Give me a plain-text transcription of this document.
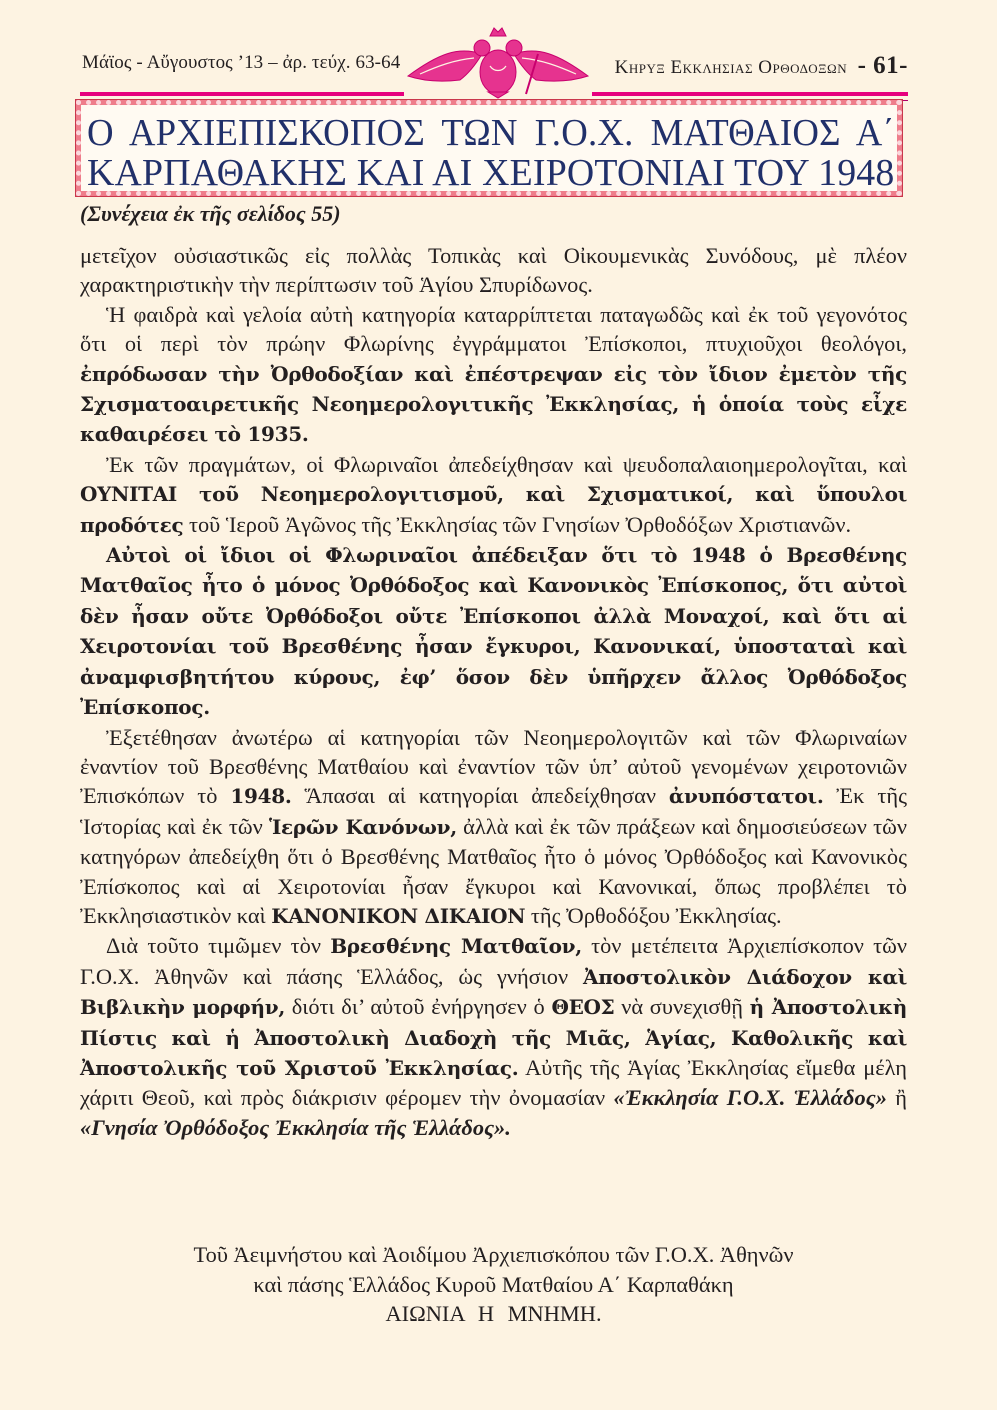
Μάϊος - Αὔγουστος ’13 – ἀρ. τεύχ. 63-64	Κηρυξ Εκκλησιας Ορθοδοξων - 61-
Ο ΑΡΧΙΕΠΙΣΚΟΠΟΣ ΤΩΝ Γ.Ο.Χ. ΜΑΤΘΑΙΟΣ Α΄
ΚΑΡΠΑΘΑΚΗΣ ΚΑΙ ΑΙ ΧΕΙΡΟΤΟΝΙΑΙ ΤΟΥ 1948
(Συνέχεια ἐκ τῆς σελίδος 55)

μετεῖχον οὐσιαστικῶς εἰς πολλὰς Τοπικὰς καὶ Οἰκουμενικὰς Συνόδους, μὲ πλέον χαρακτηριστικὴν τὴν περίπτωσιν τοῦ Ἁγίου Σπυρίδωνος.

Ἡ φαιδρὰ καὶ γελοία αὐτὴ κατηγορία καταρρίπτεται παταγωδῶς καὶ ἐκ τοῦ γεγονότος ὅτι οἱ περὶ τὸν πρώην Φλωρίνης ἐγγράμματοι Ἐπίσκοποι, πτυχιοῦχοι θεολόγοι, ἐπρόδωσαν τὴν Ὀρθοδοξίαν καὶ ἐπέστρεψαν εἰς τὸν ἴδιον ἐμετὸν τῆς Σχισματοαιρετικῆς Νεοημερολογιτικῆς Ἐκκλησίας, ἡ ὁποία τοὺς εἶχε καθαιρέσει τὸ 1935.

Ἐκ τῶν πραγμάτων, οἱ Φλωριναῖοι ἀπεδείχθησαν καὶ ψευδοπαλαιοημερολογῖται, καὶ ΟΥΝΙΤΑΙ τοῦ Νεοημερολογιτισμοῦ, καὶ Σχισματικοί, καὶ ὕπουλοι προδότες τοῦ Ἱεροῦ Ἀγῶνος τῆς Ἐκκλησίας τῶν Γνησίων Ὀρθοδόξων Χριστιανῶν.

Αὐτοὶ οἱ ἴδιοι οἱ Φλωριναῖοι ἀπέδειξαν ὅτι τὸ 1948 ὁ Βρεσθένης Ματθαῖος ἦτο ὁ μόνος Ὀρθόδοξος καὶ Κανονικὸς Ἐπίσκοπος, ὅτι αὐτοὶ δὲν ἦσαν οὔτε Ὀρθόδοξοι οὔτε Ἐπίσκοποι ἀλλὰ Μοναχοί, καὶ ὅτι αἱ Χειροτονίαι τοῦ Βρεσθένης ἦσαν ἔγκυροι, Κανονικαί, ὑποσταταὶ καὶ ἀναμφισβητήτου κύρους, ἐφ’ ὅσον δὲν ὑπῆρχεν ἄλλος Ὀρθόδοξος Ἐπίσκοπος.

Ἐξετέθησαν ἀνωτέρω αἱ κατηγορίαι τῶν Νεοημερολογιτῶν καὶ τῶν Φλωριναίων ἐναντίον τοῦ Βρεσθένης Ματθαίου καὶ ἐναντίον τῶν ὑπ’ αὐτοῦ γενομένων χειροτονιῶν Ἐπισκόπων τὸ 1948. Ἅπασαι αἱ κατηγορίαι ἀπεδείχθησαν ἀνυπόστατοι. Ἐκ τῆς Ἱστορίας καὶ ἐκ τῶν Ἱερῶν Κανόνων, ἀλλὰ καὶ ἐκ τῶν πράξεων καὶ δημοσιεύσεων τῶν κατηγόρων ἀπεδείχθη ὅτι ὁ Βρεσθένης Ματθαῖος ἦτο ὁ μόνος Ὀρθόδοξος καὶ Κανονικὸς Ἐπίσκοπος καὶ αἱ Χειροτονίαι ἦσαν ἔγκυροι καὶ Κανονικαί, ὅπως προβλέπει τὸ Ἐκκλησιαστικὸν καὶ ΚΑΝΟΝΙΚΟΝ ΔΙΚΑΙΟΝ τῆς Ὀρθοδόξου Ἐκκλησίας.

Διὰ τοῦτο τιμῶμεν τὸν Βρεσθένης Ματθαῖον, τὸν μετέπειτα Ἀρχιεπίσκοπον τῶν Γ.Ο.Χ. Ἀθηνῶν καὶ πάσης Ἑλλάδος, ὡς γνήσιον Ἀποστολικὸν Διάδοχον καὶ Βιβλικὴν μορφήν, διότι δι’ αὐτοῦ ἐνήργησεν ὁ ΘΕΟΣ νὰ συνεχισθῇ ἡ Ἀποστολικὴ Πίστις καὶ ἡ Ἀποστολικὴ Διαδοχὴ τῆς Μιᾶς, Ἁγίας, Καθολικῆς καὶ Ἀποστολικῆς τοῦ Χριστοῦ Ἐκκλησίας. Αὐτῆς τῆς Ἁγίας Ἐκκλησίας εἴμεθα μέλη χάριτι Θεοῦ, καὶ πρὸς διάκρισιν φέρομεν τὴν ὀνομασίαν «Ἐκκλησία Γ.Ο.Χ. Ἑλλάδος» ἢ «Γνησία Ὀρθόδοξος Ἐκκλησία τῆς Ἑλλάδος».

Τοῦ Ἀειμνήστου καὶ Ἀοιδίμου Ἀρχιεπισκόπου τῶν Γ.Ο.Χ. Ἀθηνῶν
καὶ πάσης Ἑλλάδος Κυροῦ Ματθαίου Α΄ Καρπαθάκη
ΑΙΩΝΙΑ Η ΜΝΗΜΗ.
